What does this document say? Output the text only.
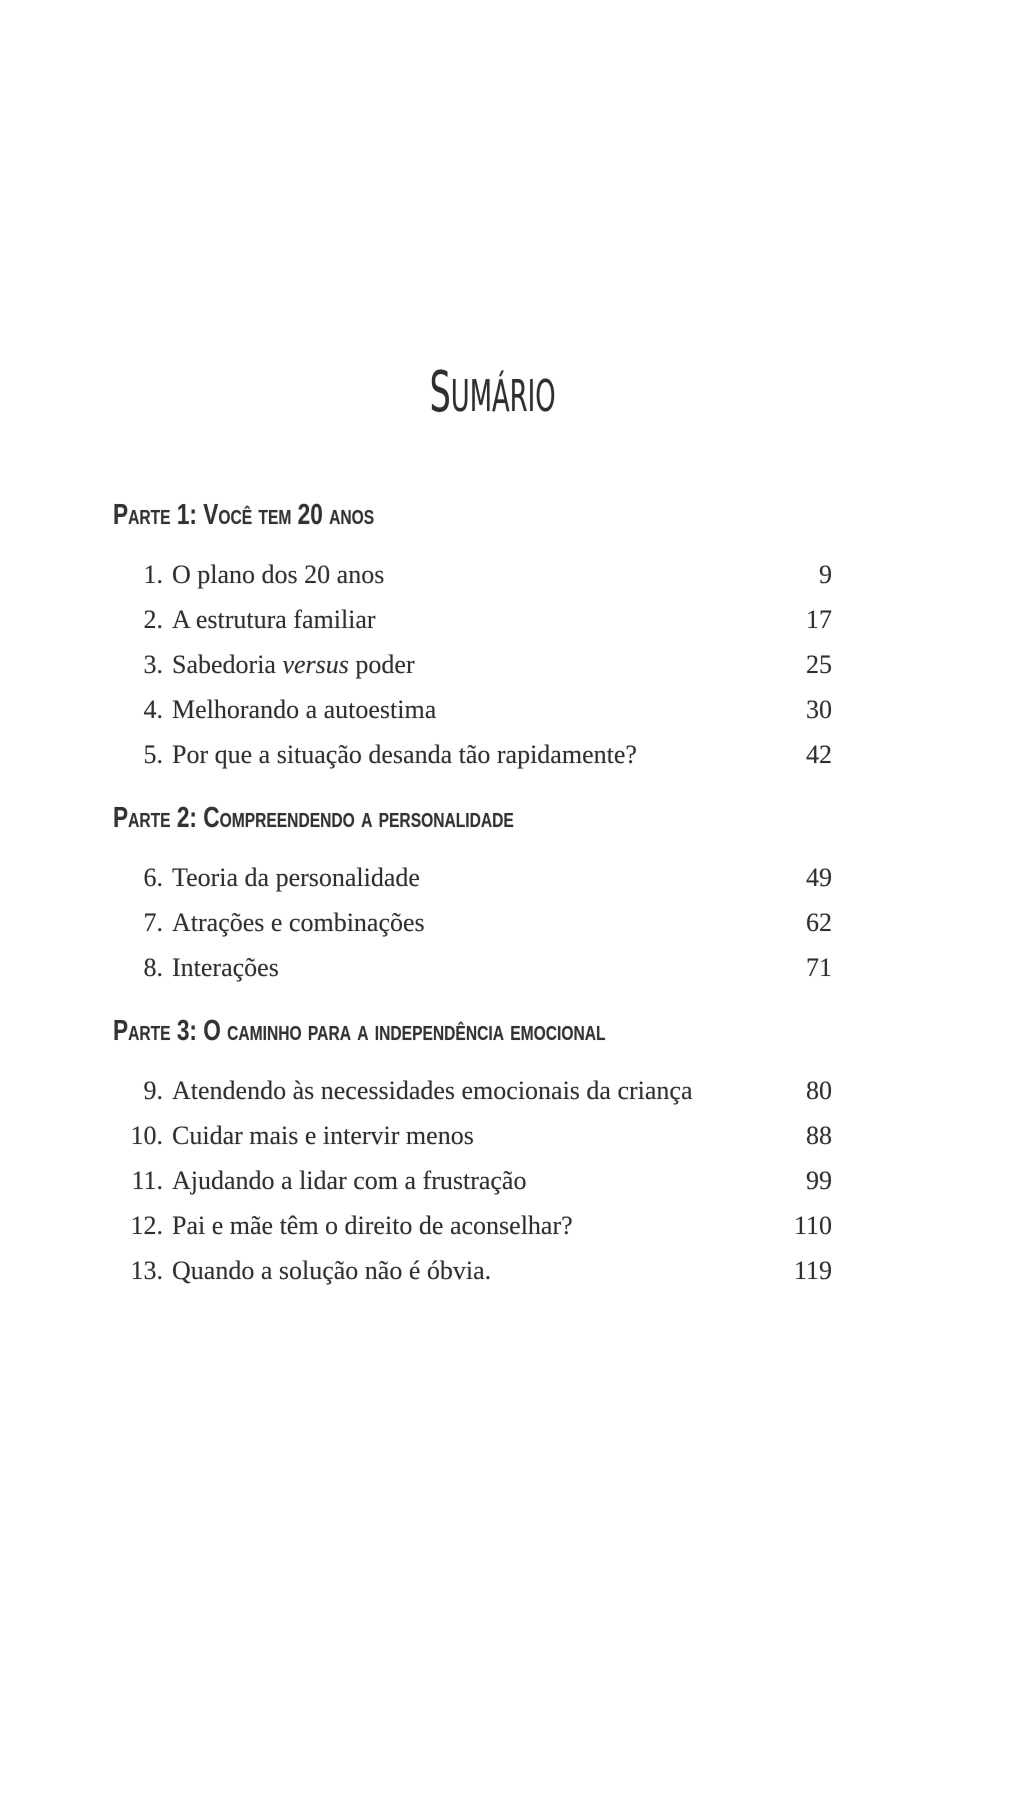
SUMÁRIO
Parte 1: Você tem 20 anos
1. O plano dos 20 anos	9
2. A estrutura familiar	17
3. Sabedoria versus poder	25
4. Melhorando a autoestima	30
5. Por que a situação desanda tão rapidamente?	42
Parte 2: Compreendendo a personalidade
6. Teoria da personalidade	49
7. Atrações e combinações	62
8. Interações	71
Parte 3: O caminho para a independência emocional
9. Atendendo às necessidades emocionais da criança	80
10. Cuidar mais e intervir menos	88
11. Ajudando a lidar com a frustração	99
12. Pai e mãe têm o direito de aconselhar?	110
13. Quando a solução não é óbvia.	119
